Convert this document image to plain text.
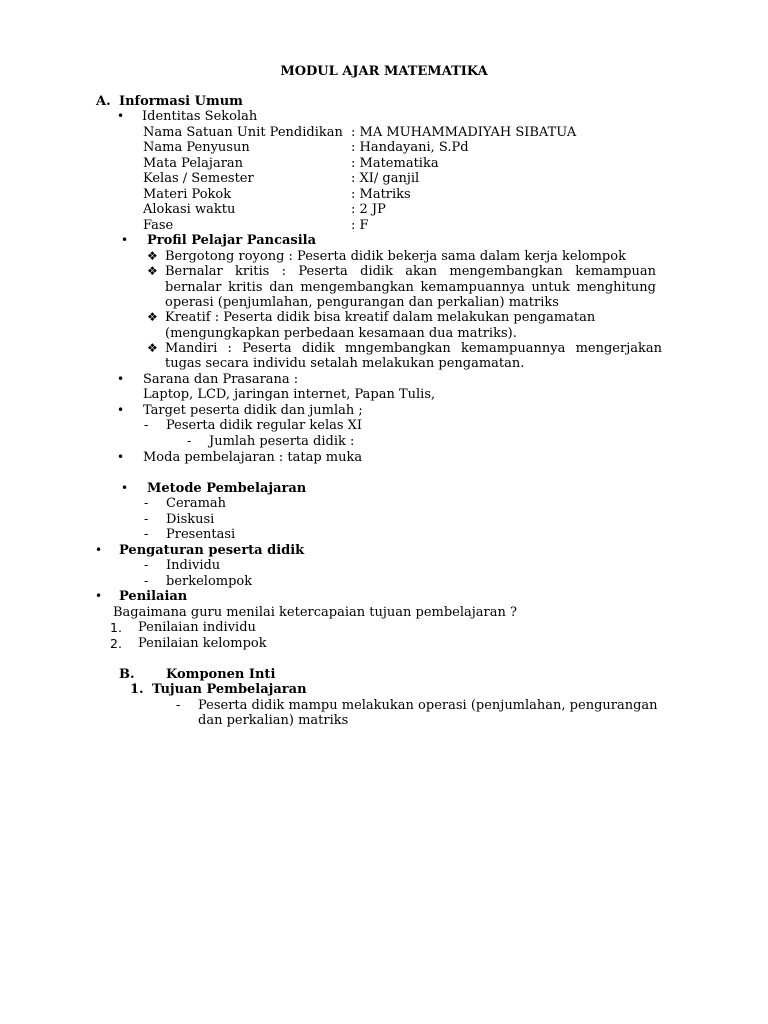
MODUL AJAR MATEMATIKA
A. Informasi Umum
• Identitas Sekolah
Nama Satuan Unit Pendidikan : MA MUHAMMADIYAH SIBATUA
Nama Penyusun	: Handayani, S.Pd
Mata Pelajaran	: Matematika
Kelas / Semester	: XI/ ganjil
Materi Pokok	: Matriks
Alokasi waktu	: 2 JP
Fase	: F
• Profil Pelajar Pancasila
❖ Bergotong royong : Peserta didik bekerja sama dalam kerja kelompok
❖ Bernalar kritis : Peserta didik akan mengembangkan kemampuan
bernalar kritis dan mengembangkan kemampuannya untuk menghitung
operasi (penjumlahan, pengurangan dan perkalian) matriks
❖ Kreatif : Peserta didik bisa kreatif dalam melakukan pengamatan
(mengungkapkan perbedaan kesamaan dua matriks).
❖ Mandiri : Peserta didik mngembangkan kemampuannya mengerjakan
tugas secara individu setalah melakukan pengamatan.
• Sarana dan Prasarana :
Laptop, LCD, jaringan internet, Papan Tulis,
• Target peserta didik dan jumlah ;
- Peserta didik regular kelas XI
- Jumlah peserta didik :
• Moda pembelajaran : tatap muka
• Metode Pembelajaran
- Ceramah
- Diskusi
- Presentasi
• Pengaturan peserta didik
- Individu
- berkelompok
• Penilaian
Bagaimana guru menilai ketercapaian tujuan pembelajaran ?
1. Penilaian individu
2. Penilaian kelompok
B. Komponen Inti
1. Tujuan Pembelajaran
- Peserta didik mampu melakukan operasi (penjumlahan, pengurangan
dan perkalian) matriks
